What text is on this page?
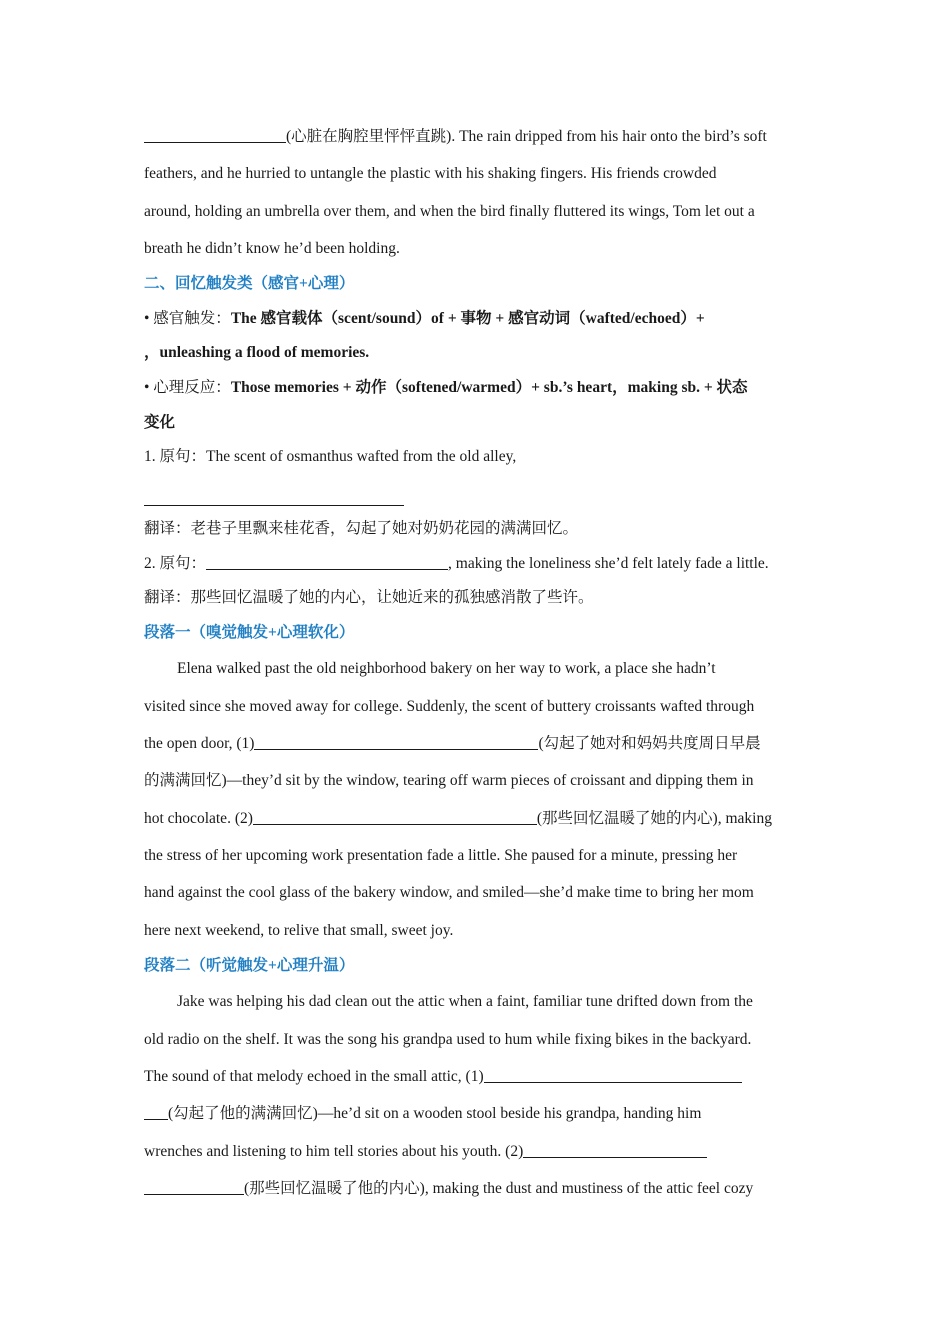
(心脏在胸腔里怦怦直跳). The rain dripped from his hair onto the bird’s soft
feathers, and he hurried to untangle the plastic with his shaking fingers. His friends crowded
around, holding an umbrella over them, and when the bird finally fluttered its wings, Tom let out a
breath he didn’t know he’d been holding.
二、回忆触发类（感官+心理）
• 感官触发：The 感官载体（scent/sound）of + 事物 + 感官动词（wafted/echoed）+
，unleashing a flood of memories.
• 心理反应：Those memories + 动作（softened/warmed）+ sb.’s heart，making sb. + 状态
变化
1. 原句：The scent of osmanthus wafted from the old alley,
翻译：老巷子里飘来桂花香，勾起了她对奶奶花园的满满回忆。
2. 原句：	, making the loneliness she’d felt lately fade a little.
翻译：那些回忆温暖了她的内心，让她近来的孤独感消散了些许。
段落一（嗅觉触发+心理软化）
Elena walked past the old neighborhood bakery on her way to work, a place she hadn’t
visited since she moved away for college. Suddenly, the scent of buttery croissants wafted through
the open door, (1)	(勾起了她对和妈妈共度周日早晨
的满满回忆)—they’d sit by the window, tearing off warm pieces of croissant and dipping them in
hot chocolate. (2)	(那些回忆温暖了她的内心), making
the stress of her upcoming work presentation fade a little. She paused for a minute, pressing her
hand against the cool glass of the bakery window, and smiled—she’d make time to bring her mom
here next weekend, to relive that small, sweet joy.
段落二（听觉触发+心理升温）
Jake was helping his dad clean out the attic when a faint, familiar tune drifted down from the
old radio on the shelf. It was the song his grandpa used to hum while fixing bikes in the backyard.
The sound of that melody echoed in the small attic, (1)
(勾起了他的满满回忆)—he’d sit on a wooden stool beside his grandpa, handing him
wrenches and listening to him tell stories about his youth. (2)
(那些回忆温暖了他的内心), making the dust and mustiness of the attic feel cozy
